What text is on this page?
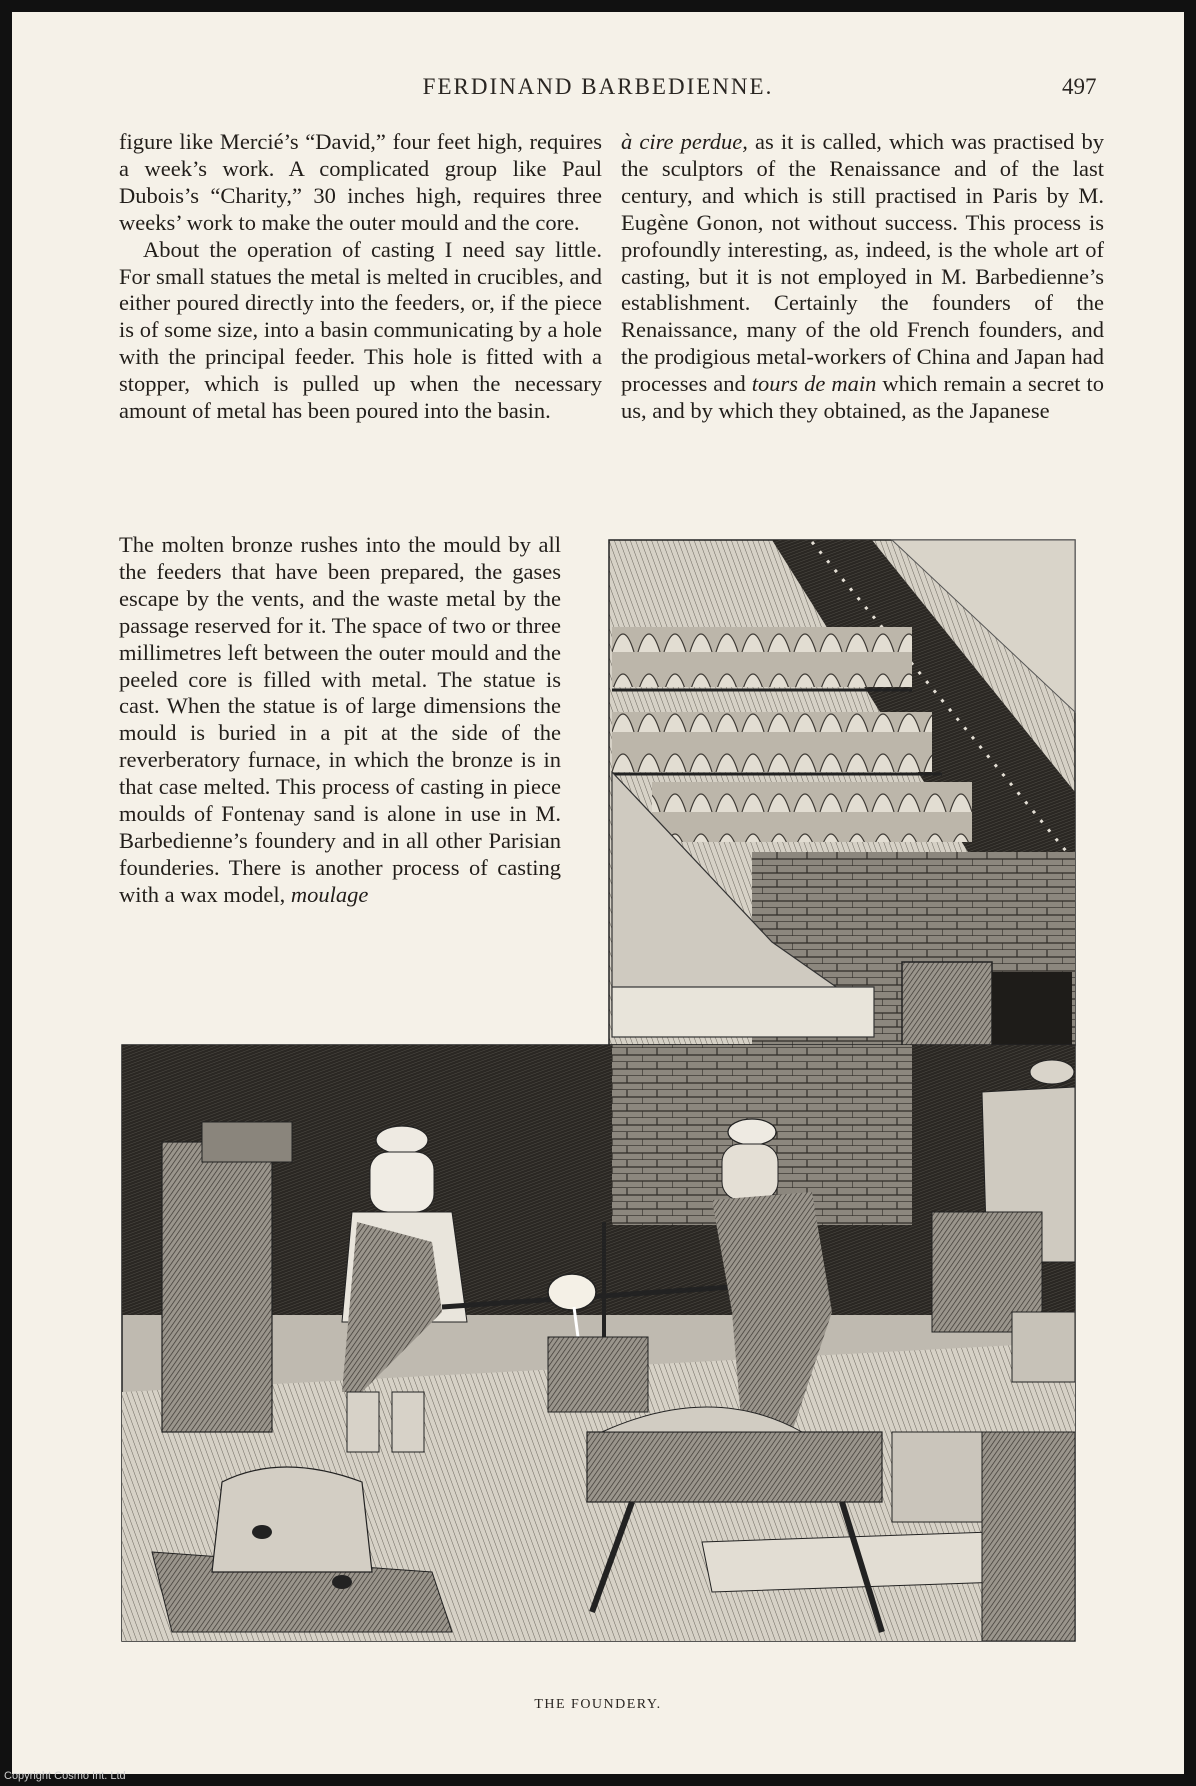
FERDINAND BARBEDIENNE.	497

figure like Mercié’s “David,” four feet high, requires a week’s work. A complicated group like Paul Dubois’s “Charity,” 30 inches high, requires three weeks’ work to make the outer mould and the core.

About the operation of casting I need say little. For small statues the metal is melted in crucibles, and either poured directly into the feeders, or, if the piece is of some size, into a basin communicating by a hole with the principal feeder. This hole is fitted with a stopper, which is pulled up when the necessary amount of metal has been poured into the basin.

The molten bronze rushes into the mould by all the feeders that have been prepared, the gases escape by the vents, and the waste metal by the passage reserved for it. The space of two or three millimetres left between the outer mould and the peeled core is filled with metal. The statue is cast. When the statue is of large dimensions the mould is buried in a pit at the side of the reverberatory furnace, in which the bronze is in that case melted. This process of casting in piece moulds of Fontenay sand is alone in use in M. Barbedienne’s foundery and in all other Parisian founderies. There is another process of casting with a wax model, moulage

à cire perdue, as it is called, which was practised by the sculptors of the Renaissance and of the last century, and which is still practised in Paris by M. Eugène Gonon, not without success. This process is profoundly interesting, as, indeed, is the whole art of casting, but it is not employed in M. Barbedienne’s establishment. Certainly the founders of the Renaissance, many of the old French founders, and the prodigious metal-workers of China and Japan had processes and tours de main which remain a secret to us, and by which they obtained, as the Japanese

THE FOUNDERY.
Copyright Cosmo Int. Ltd
